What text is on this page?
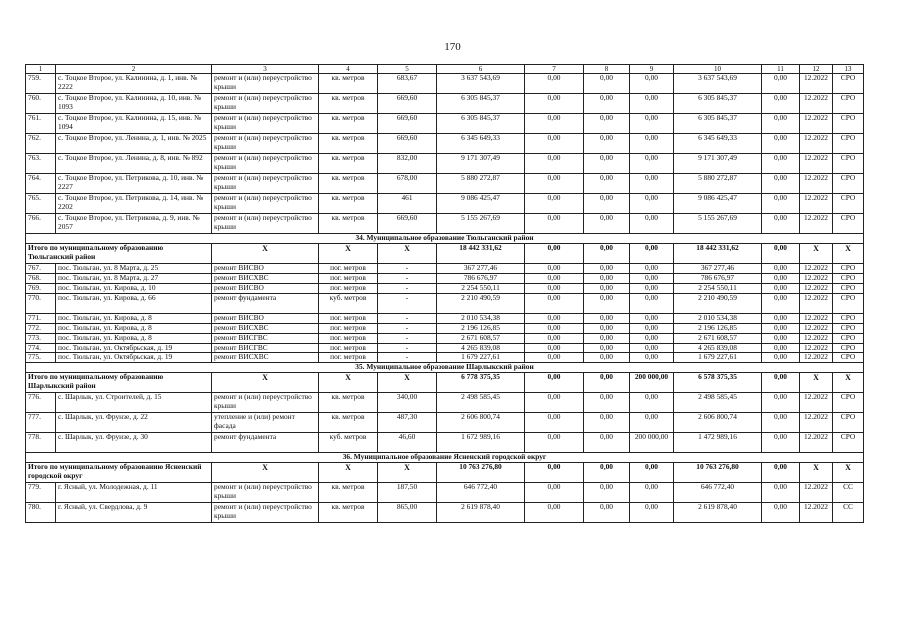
170
1	2	3	4	5	6	7	8	9	10	11	12	13
759.	с. Тоцкое Второе, ул. Калинина, д. 1, инв. № 2222	ремонт и (или) переустройство крыши	кв. метров	683,67	3 637 543,69	0,00	0,00	0,00	3 637 543,69	0,00	12.2022	СРО
760.	с. Тоцкое Второе, ул. Калинина, д. 10, инв. № 1093	ремонт и (или) переустройство крыши	кв. метров	669,60	6 305 845,37	0,00	0,00	0,00	6 305 845,37	0,00	12.2022	СРО
761.	с. Тоцкое Второе, ул. Калинина, д. 15, инв. № 1094	ремонт и (или) переустройство крыши	кв. метров	669,60	6 305 845,37	0,00	0,00	0,00	6 305 845,37	0,00	12.2022	СРО
762.	с. Тоцкое Второе, ул. Ленина, д. 1, инв. № 2025	ремонт и (или) переустройство крыши	кв. метров	669,60	6 345 649,33	0,00	0,00	0,00	6 345 649,33	0,00	12.2022	СРО
763.	с. Тоцкое Второе, ул. Ленина, д. 8, инв. № 892	ремонт и (или) переустройство крыши	кв. метров	832,00	9 171 307,49	0,00	0,00	0,00	9 171 307,49	0,00	12.2022	СРО
764.	с. Тоцкое Второе, ул. Петрикова, д. 10, инв. № 2227	ремонт и (или) переустройство крыши	кв. метров	678,00	5 880 272,87	0,00	0,00	0,00	5 880 272,87	0,00	12.2022	СРО
765.	с. Тоцкое Второе, ул. Петрикова, д. 14, инв. № 2202	ремонт и (или) переустройство крыши	кв. метров	461	9 086 425,47	0,00	0,00	0,00	9 086 425,47	0,00	12.2022	СРО
766.	с. Тоцкое Второе, ул. Петрикова, д. 9, инв. № 2057	ремонт и (или) переустройство крыши	кв. метров	669,60	5 155 267,69	0,00	0,00	0,00	5 155 267,69	0,00	12.2022	СРО
34. Муниципальное образование Тюльганский район												
Итого по муниципальному образованию Тюльганский район		X	X	X	18 442 331,62	0,00	0,00	0,00	18 442 331,62	0,00	X	X
767.	пос. Тюльган, ул. 8 Марта, д. 25	ремонт ВИСВО	пог. метров	-	367 277,46	0,00	0,00	0,00	367 277,46	0,00	12.2022	СРО
768.	пос. Тюльган, ул. 8 Марта, д. 27	ремонт ВИСХВС	пог. метров	-	786 676,97	0,00	0,00	0,00	786 676,97	0,00	12.2022	СРО
769.	пос. Тюльган, ул. Кирова, д. 10	ремонт ВИСВО	пог. метров	-	2 254 550,11	0,00	0,00	0,00	2 254 550,11	0,00	12.2022	СРО
770.	пос. Тюльган, ул. Кирова, д. 66	ремонт фундамента	куб. метров	-	2 210 490,59	0,00	0,00	0,00	2 210 490,59	0,00	12.2022	СРО
771.	пос. Тюльган, ул. Кирова, д. 8	ремонт ВИСВО	пог. метров	-	2 010 534,38	0,00	0,00	0,00	2 010 534,38	0,00	12.2022	СРО
772.	пос. Тюльган, ул. Кирова, д. 8	ремонт ВИСХВС	пог. метров	-	2 196 126,85	0,00	0,00	0,00	2 196 126,85	0,00	12.2022	СРО
773.	пос. Тюльган, ул. Кирова, д. 8	ремонт ВИСГВС	пог. метров	-	2 671 608,57	0,00	0,00	0,00	2 671 608,57	0,00	12.2022	СРО
774.	пос. Тюльган, ул. Октябрьская, д. 19	ремонт ВИСГВС	пог. метров	-	4 265 839,08	0,00	0,00	0,00	4 265 839,08	0,00	12.2022	СРО
775.	пос. Тюльган, ул. Октябрьская, д. 19	ремонт ВИСХВС	пог. метров	-	1 679 227,61	0,00	0,00	0,00	1 679 227,61	0,00	12.2022	СРО
35. Муниципальное образование Шарлыкский район												
Итого по муниципальному образованию Шарлыкский район		X	X	X	6 778 375,35	0,00	0,00	200 000,00	6 578 375,35	0,00	X	X
776.	с. Шарлык, ул. Строителей, д. 15	ремонт и (или) переустройство крыши	кв. метров	340,00	2 498 585,45	0,00	0,00	0,00	2 498 585,45	0,00	12.2022	СРО
777.	с. Шарлык, ул. Фрунзе, д. 22	утепление и (или) ремонт фасада	кв. метров	487,30	2 606 800,74	0,00	0,00	0,00	2 606 800,74	0,00	12.2022	СРО
778.	с. Шарлык, ул. Фрунзе, д. 30	ремонт фундамента	куб. метров	46,60	1 672 989,16	0,00	0,00	200 000,00	1 472 989,16	0,00	12.2022	СРО
36. Муниципальное образование Ясненский городской округ												
Итого по муниципальному образованию Ясненский городской округ		X	X	X	10 763 276,80	0,00	0,00	0,00	10 763 276,80	0,00	X	X
779.	г. Ясный, ул. Молодежная, д. 11	ремонт и (или) переустройство крыши	кв. метров	187,50	646 772,40	0,00	0,00	0,00	646 772,40	0,00	12.2022	СС
780.	г. Ясный, ул. Свердлова, д. 9	ремонт и (или) переустройство крыши	кв. метров	865,00	2 619 878,40	0,00	0,00	0,00	2 619 878,40	0,00	12.2022	СС
